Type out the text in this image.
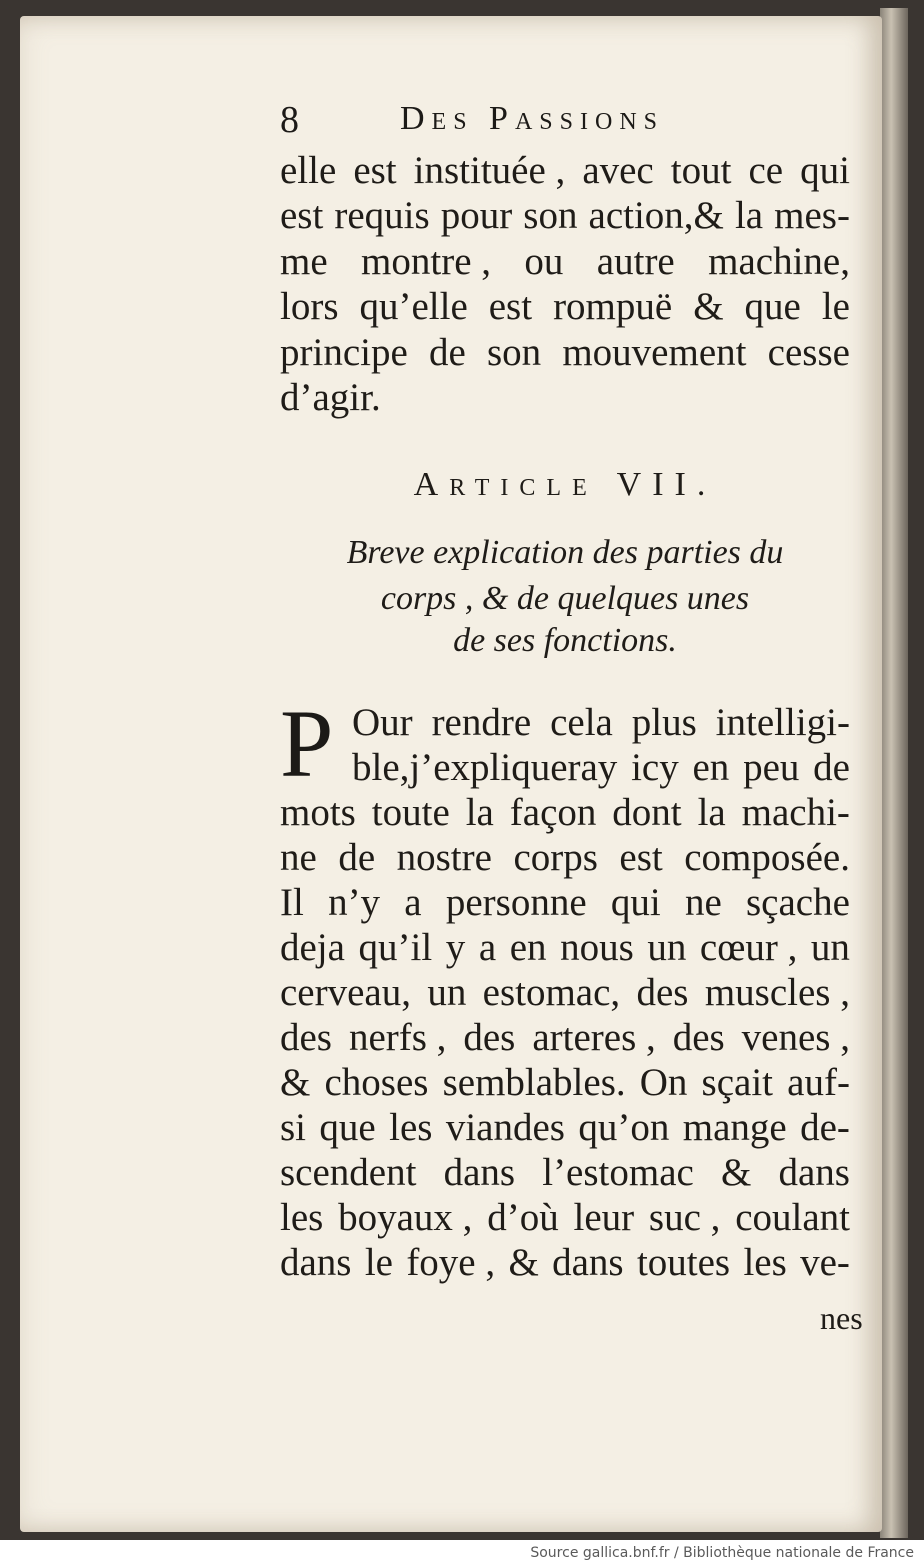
8	Des Passions
elle est instituée , avec tout ce qui
est requis pour son action,& la mes-
me montre , ou autre machine,
lors qu’elle est rompuë & que le
principe de son mouvement cesse
d’agir.
Article VII.
Breve explication des parties du
corps , & de quelques unes
de ses fonctions.
P Our rendre cela plus intelligi-
ble,j’expliqueray icy en peu de
mots toute la façon dont la machi-
ne de nostre corps est composée.
Il n’y a personne qui ne sçache
deja qu’il y a en nous un cœur , un
cerveau, un estomac, des muscles ,
des nerfs , des arteres , des venes ,
& choses semblables. On sçait auf-
si que les viandes qu’on mange de-
scendent dans l’estomac & dans
les boyaux , d’où leur suc , coulant
dans le foye , & dans toutes les ve-
nes
Source gallica.bnf.fr / Bibliothèque nationale de France
